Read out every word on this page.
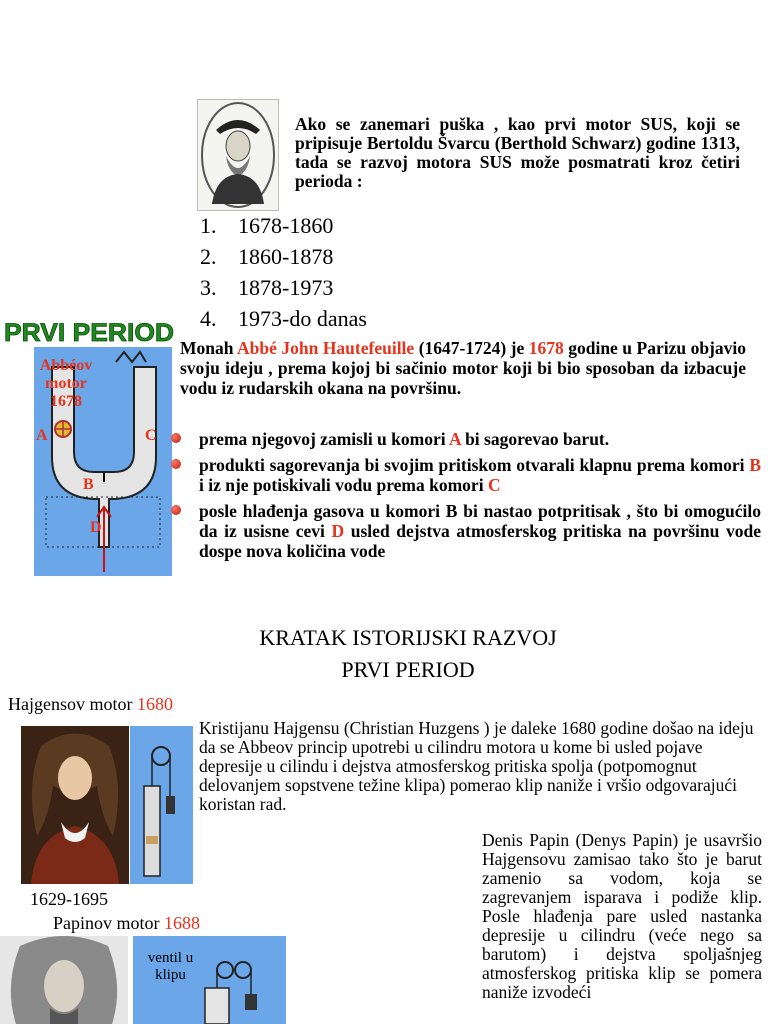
Ako se zanemari puška , kao prvi motor SUS, koji se pripisuje Bertoldu Švarcu (Berthold Schwarz) godine 1313, tada se razvoj motora SUS može posmatrati kroz četiri perioda :
1. 1678-1860
2. 1860-1878
3. 1878-1973
4. 1973-do danas
PRVI PERIOD
Abbéov
motor
1678
A	C
B
D
Monah Abbé John Hautefeuille (1647-1724) je 1678 godine u Parizu objavio svoju ideju , prema kojoj bi sačinio motor koji bi bio sposoban da izbacuje vodu iz rudarskih okana na površinu.
prema njegovoj zamisli u komori A bi sagorevao barut.
produkti sagorevanja bi svojim pritiskom otvarali klapnu prema komori B i iz nje potiskivali vodu prema komori C
posle hlađenja gasova u komori B bi nastao potpritisak , što bi omogućilo da iz usisne cevi D usled dejstva atmosferskog pritiska na površinu vode dospe nova količina vode
KRATAK ISTORIJSKI RAZVOJ
PRVI PERIOD
Hajgensov motor 1680
Kristijanu Hajgensu (Christian Huzgens ) je daleke 1680 godine došao na ideju da se Abbeov princip upotrebi u cilindru motora u kome bi usled pojave depresije u cilindu i dejstva atmosferskog pritiska spolja (potpomognut delovanjem sopstvene težine klipa) pomerao klip naniže i vršio odgovarajući koristan rad.
1629-1695
Papinov motor 1688
ventil u klipu
Denis Papin (Denys Papin) je usavršio Hajgensovu zamisao tako što je barut zamenio sa vodom, koja se zagrevanjem isparava i podiže klip. Posle hlađenja pare usled nastanka depresije u cilindru (veće nego sa barutom) i dejstva spoljašnjeg atmosferskog pritiska klip se pomera naniže izvodeći
